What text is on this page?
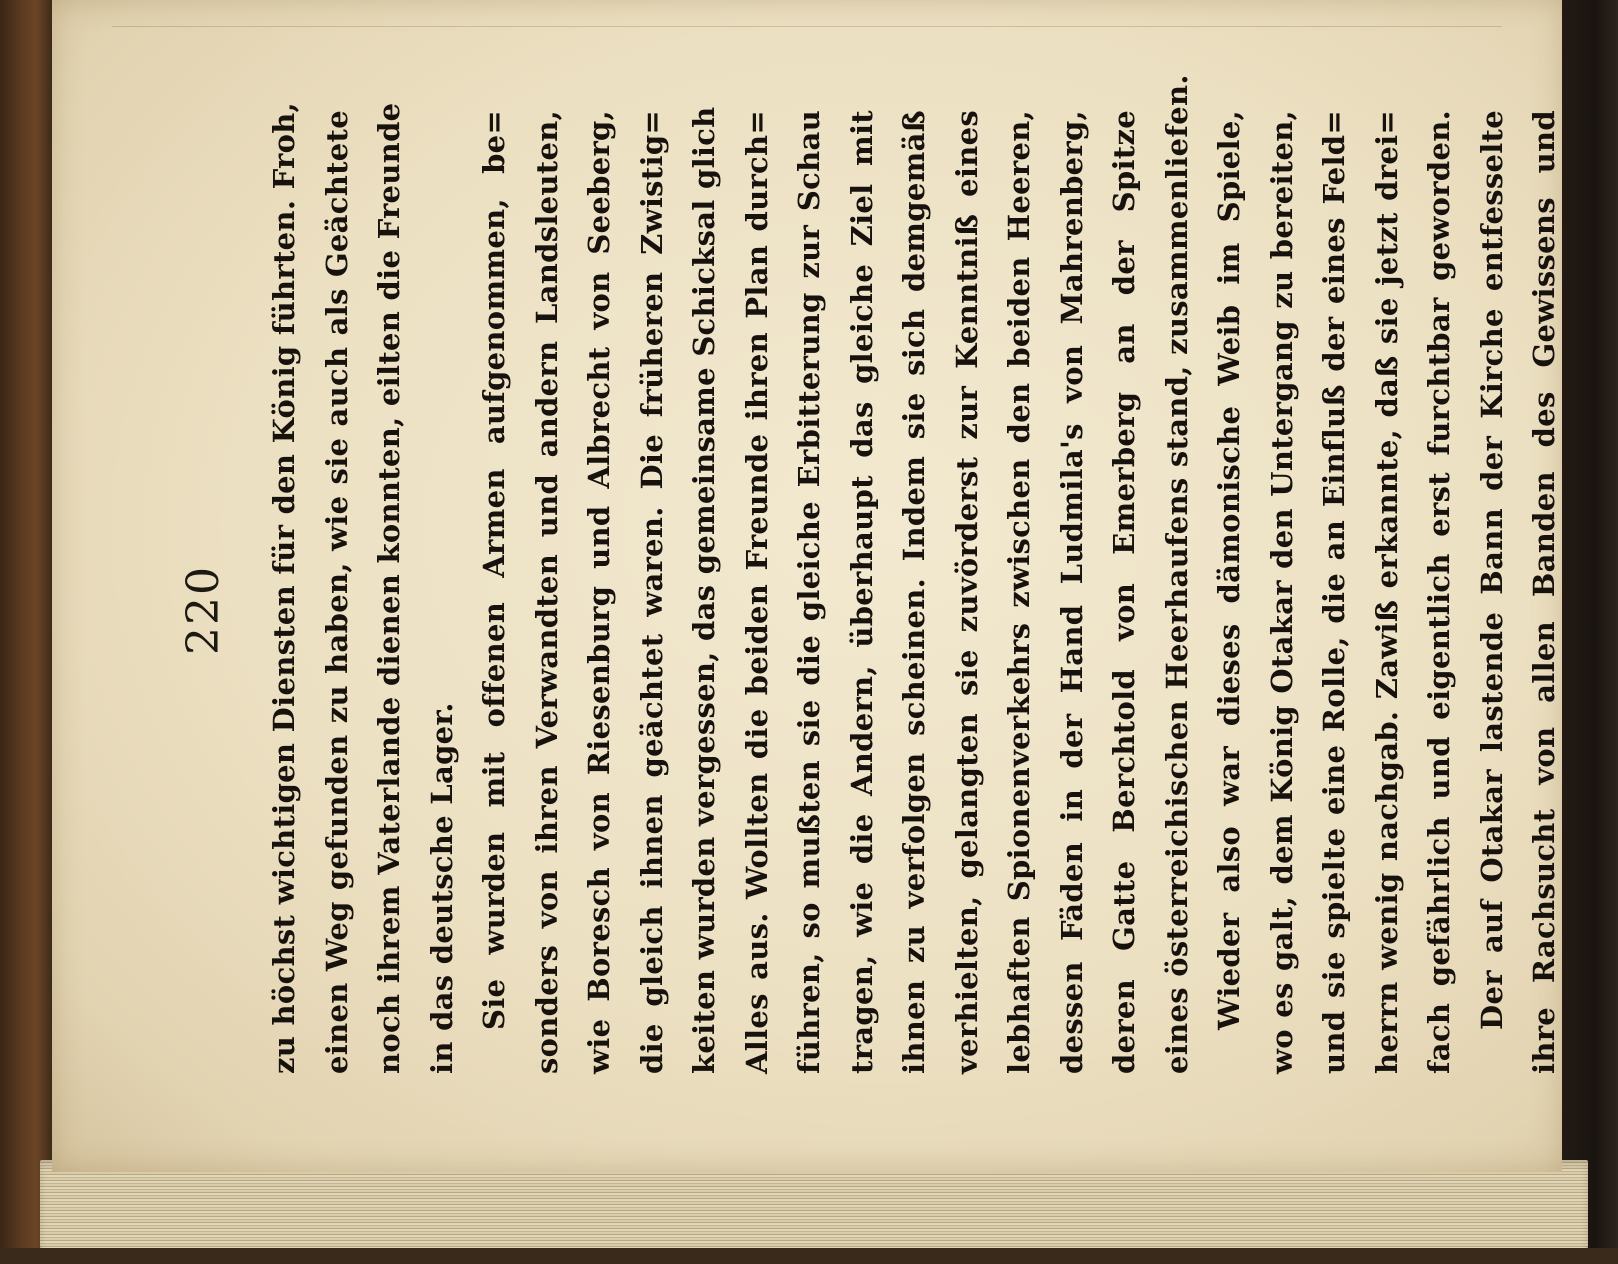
220	zu höchst wichtigen Diensten für den König führten. Froh, einen Weg gefunden zu haben, wie sie auch als Geächtete noch ihrem Vaterlande dienen konnten, eilten die Freunde in das deutsche Lager. Sie wurden mit offenen Armen aufgenommen, be= sonders von ihren Verwandten und andern Landsleuten, wie Boresch von Riesenburg und Albrecht von Seeberg, die gleich ihnen geächtet waren. Die früheren Zwistig= keiten wurden vergessen, das gemeinsame Schicksal glich Alles aus. Wollten die beiden Freunde ihren Plan durch= führen, so mußten sie die gleiche Erbitterung zur Schau tragen, wie die Andern, überhaupt das gleiche Ziel mit ihnen zu verfolgen scheinen. Indem sie sich demgemäß verhielten, gelangten sie zuvörderst zur Kenntniß eines lebhaften Spionenverkehrs zwischen den beiden Heeren, dessen Fäden in der Hand Ludmila's von Mahrenberg, deren Gatte Berchtold von Emerberg an der Spitze eines österreichischen Heerhaufens stand, zusammenliefen. Wieder also war dieses dämonische Weib im Spiele, wo es galt, dem König Otakar den Untergang zu bereiten, und sie spielte eine Rolle, die an Einfluß der eines Feld= herrn wenig nachgab. Zawiß erkannte, daß sie jetzt drei= fach gefährlich und eigentlich erst furchtbar geworden. Der auf Otakar lastende Bann der Kirche entfesselte ihre Rachsucht von allen Banden des Gewissens und
